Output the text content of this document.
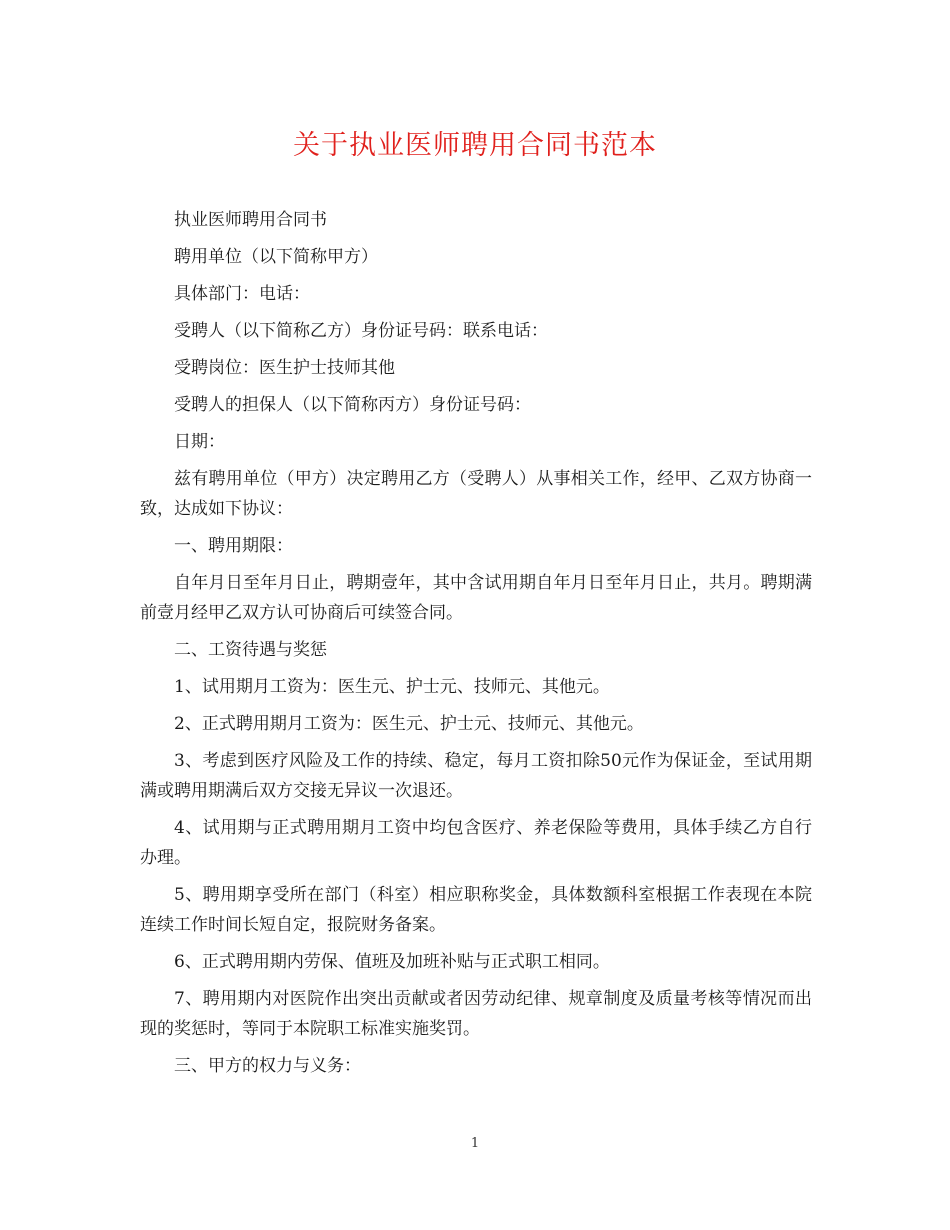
关于执业医师聘用合同书范本

执业医师聘用合同书

聘用单位（以下简称甲方）

具体部门：电话：

受聘人（以下简称乙方）身份证号码：联系电话：

受聘岗位：医生护士技师其他

受聘人的担保人（以下简称丙方）身份证号码：

日期：

兹有聘用单位（甲方）决定聘用乙方（受聘人）从事相关工作，经甲、乙双方协商一致，达成如下协议：

一、聘用期限：

自年月日至年月日止，聘期壹年，其中含试用期自年月日至年月日止，共月。聘期满前壹月经甲乙双方认可协商后可续签合同。

二、工资待遇与奖惩

1、试用期月工资为：医生元、护士元、技师元、其他元。

2、正式聘用期月工资为：医生元、护士元、技师元、其他元。

3、考虑到医疗风险及工作的持续、稳定，每月工资扣除50元作为保证金，至试用期满或聘用期满后双方交接无异议一次退还。

4、试用期与正式聘用期月工资中均包含医疗、养老保险等费用，具体手续乙方自行办理。

5、聘用期享受所在部门（科室）相应职称奖金，具体数额科室根据工作表现在本院连续工作时间长短自定，报院财务备案。

6、正式聘用期内劳保、值班及加班补贴与正式职工相同。

7、聘用期内对医院作出突出贡献或者因劳动纪律、规章制度及质量考核等情况而出现的奖惩时，等同于本院职工标准实施奖罚。

三、甲方的权力与义务：

1
